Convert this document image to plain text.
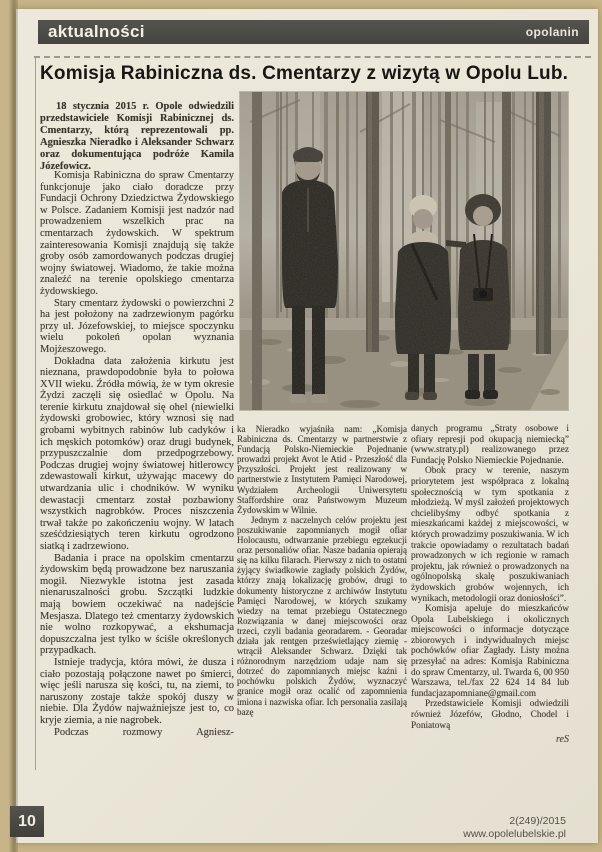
aktualności	opolanin
Komisja Rabiniczna ds. Cmentarzy z wizytą w Opolu Lub.

18 stycznia 2015 r. Opole odwiedzili przedstawiciele Komisji Rabinicznej ds. Cmentarzy, którą reprezentowali pp. Agnieszka Nieradko i Aleksander Schwarz oraz dokumentująca podróże Kamila Józefowicz.

Komisja Rabiniczna do spraw Cmentarzy funkcjonuje jako ciało doradcze przy Fundacji Ochrony Dziedzictwa Żydowskiego w Polsce. Zadaniem Komisji jest nadzór nad prowadzeniem wszelkich prac na cmentarzach żydowskich. W spektrum zainteresowania Komisji znajdują się także groby osób zamordowanych podczas drugiej wojny światowej. Wiadomo, że takie można znaleźć na terenie opolskiego cmentarza żydowskiego.

Stary cmentarz żydowski o powierzchni 2 ha jest położony na zadrzewionym pagórku przy ul. Józefowskiej, to miejsce spoczynku wielu pokoleń opolan wyznania Mojżeszowego.

Dokładna data założenia kirkutu jest nieznana, prawdopodobnie była to połowa XVII wieku. Źródła mówią, że w tym okresie Żydzi zaczęli się osiedlać w Opolu. Na terenie kirkutu znajdował się ohel (niewielki żydowski grobowiec, który wznosi się nad grobami wybitnych rabinów lub cadyków i ich męskich potomków) oraz drugi budynek, przypuszczalnie dom przedpogrzebowy. Podczas drugiej wojny światowej hitlerowcy zdewastowali kirkut, używając macewy do utwardzania ulic i chodników. W wyniku dewastacji cmentarz został pozbawiony wszystkich nagrobków. Proces niszczenia trwał także po zakończeniu wojny. W latach sześćdziesiątych teren kirkutu ogrodzono siatką i zadrzewiono.

Badania i prace na opolskim cmentarzu żydowskim będą prowadzone bez naruszania mogił. Niezwykle istotna jest zasada nienaruszalności grobu. Szczątki ludzkie mają bowiem oczekiwać na nadejście Mesjasza. Dlatego też cmentarzy żydowskich nie wolno rozkopywać, a ekshumacja dopuszczalna jest tylko w ściśle określonych przypadkach.

Istnieje tradycja, która mówi, że dusza i ciało pozostają połączone nawet po śmierci, więc jeśli narusza się kości, tu, na ziemi, to naruszony zostaje także spokój duszy w niebie. Dla Żydów najważniejsze jest to, co kryje ziemia, a nie nagrobek.

Podczas rozmowy Agniesz-

ka Nieradko wyjaśniła nam: „Komisja Rabiniczna ds. Cmentarzy w partnerstwie z Fundacją Polsko-Niemieckie Pojednanie prowadzi projekt Avot le Atid - Przeszłość dla Przyszłości. Projekt jest realizowany w partnerstwie z Instytutem Pamięci Narodowej, Wydziałem Archeologii Uniwersytetu Staffordshire oraz Państwowym Muzeum Żydowskim w Wilnie.

Jednym z naczelnych celów projektu jest poszukiwanie zapomnianych mogił ofiar Holocaustu, odtwarzanie przebiegu egzekucji oraz personaliów ofiar. Nasze badania opierają się na kilku filarach. Pierwszy z nich to ostatni żyjący świadkowie zagłady polskich Żydów, którzy znają lokalizację grobów, drugi to dokumenty historyczne z archiwów Instytutu Pamięci Narodowej, w których szukamy wiedzy na temat przebiegu Ostatecznego Rozwiązania w danej miejscowości oraz trzeci, czyli badania georadarem. - Georadar działa jak rentgen prześwietlający ziemię - wtrącił Aleksander Schwarz. Dzięki tak różnorodnym narzędziom udaje nam się dotrzeć do zapomnianych miejsc kaźni i pochówku polskich Żydów, wyznaczyć granice mogił oraz ocalić od zapomnienia imiona i nazwiska ofiar. Ich personalia zasilają bazę

danych programu „Straty osobowe i ofiary represji pod okupacją niemiecką” (www.straty.pl) realizowanego przez Fundację Polsko Niemieckie Pojednanie.

Obok pracy w terenie, naszym priorytetem jest współpraca z lokalną społecznością w tym spotkania z młodzieżą. W myśl założeń projektowych chcielibyśmy odbyć spotkania z mieszkańcami każdej z miejscowości, w których prowadzimy poszukiwania. W ich trakcie opowiadamy o rezultatach badań prowadzonych w ich regionie w ramach projektu, jak również o prowadzonych na ogólnopolską skalę poszukiwaniach żydowskich grobów wojennych, ich wynikach, metodologii oraz doniosłości”.

Komisja apeluje do mieszkańców Opola Lubelskiego i okolicznych miejscowości o informacje dotyczące zbiorowych i indywidualnych miejsc pochówków ofiar Zagłady. Listy można przesyłać na adres: Komisja Rabiniczna do spraw Cmentarzy, ul. Twarda 6, 00 950 Warszawa, tel./fax 22 624 14 84 lub fundacjazapomniane@gmail.com

Przedstawiciele Komisji odwiedzili również Józefów, Głodno, Chodel i Poniatową

reS
2(249)/2015
www.opolelubelskie.pl
10
